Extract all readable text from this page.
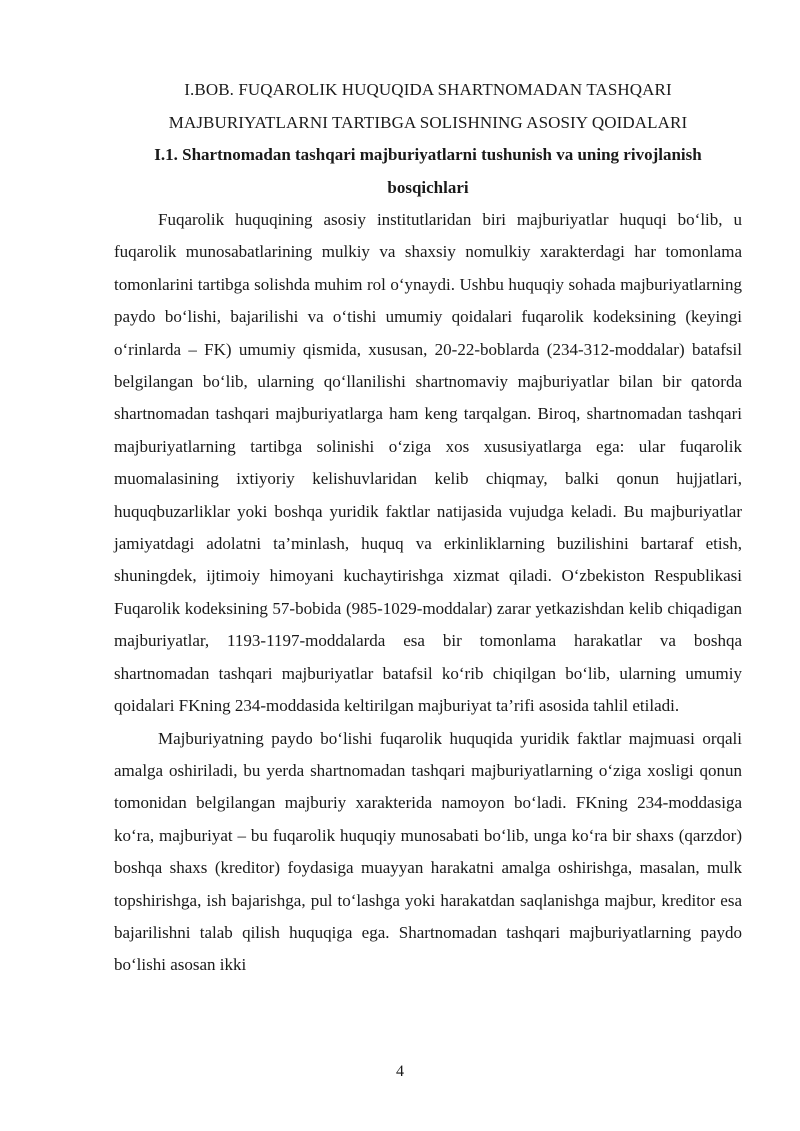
I.BOB. FUQAROLIK HUQUQIDA SHARTNOMADAN TASHQARI

MAJBURIYATLARNI TARTIBGA SOLISHNING ASOSIY QOIDALARI

I.1. Shartnomadan tashqari majburiyatlarni tushunish va uning rivojlanish bosqichlari

Fuqarolik huquqining asosiy institutlaridan biri majburiyatlar huquqi bo‘lib, u fuqarolik munosabatlarining mulkiy va shaxsiy nomulkiy xarakterdagi har tomonlama tomonlarini tartibga solishda muhim rol o‘ynaydi. Ushbu huquqiy sohada majburiyatlarning paydo bo‘lishi, bajarilishi va o‘tishi umumiy qoidalari fuqarolik kodeksining (keyingi o‘rinlarda – FK) umumiy qismida, xususan, 20-22-boblarda (234-312-moddalar) batafsil belgilangan bo‘lib, ularning qo‘llanilishi shartnomaviy majburiyatlar bilan bir qatorda shartnomadan tashqari majburiyatlarga ham keng tarqalgan. Biroq, shartnomadan tashqari majburiyatlarning tartibga solinishi o‘ziga xos xususiyatlarga ega: ular fuqarolik muomalasining ixtiyoriy kelishuvlaridan kelib chiqmay, balki qonun hujjatlari, huquqbuzarliklar yoki boshqa yuridik faktlar natijasida vujudga keladi. Bu majburiyatlar jamiyatdagi adolatni ta’minlash, huquq va erkinliklarning buzilishini bartaraf etish, shuningdek, ijtimoiy himoyani kuchaytirishga xizmat qiladi. O‘zbekiston Respublikasi Fuqarolik kodeksining 57-bobida (985-1029-moddalar) zarar yetkazishdan kelib chiqadigan majburiyatlar, 1193-1197-moddalarda esa bir tomonlama harakatlar va boshqa shartnomadan tashqari majburiyatlar batafsil ko‘rib chiqilgan bo‘lib, ularning umumiy qoidalari FKning 234-moddasida keltirilgan majburiyat ta’rifi asosida tahlil etiladi.

Majburiyatning paydo bo‘lishi fuqarolik huquqida yuridik faktlar majmuasi orqali amalga oshiriladi, bu yerda shartnomadan tashqari majburiyatlarning o‘ziga xosligi qonun tomonidan belgilangan majburiy xarakterida namoyon bo‘ladi. FKning 234-moddasiga ko‘ra, majburiyat – bu fuqarolik huquqiy munosabati bo‘lib, unga ko‘ra bir shaxs (qarzdor) boshqa shaxs (kreditor) foydasiga muayyan harakatni amalga oshirishga, masalan, mulk topshirishga, ish bajarishga, pul to‘lashga yoki harakatdan saqlanishga majbur, kreditor esa bajarilishni talab qilish huquqiga ega. Shartnomadan tashqari majburiyatlarning paydo bo‘lishi asosan ikki

4
